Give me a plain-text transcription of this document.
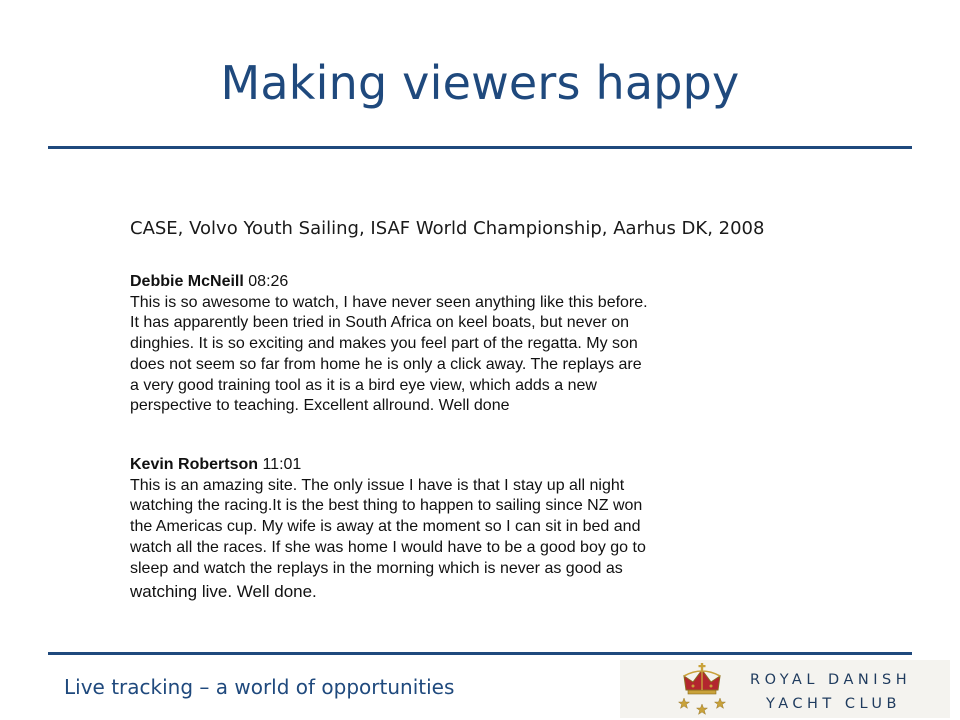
Making viewers happy
CASE, Volvo Youth Sailing, ISAF World Championship, Aarhus DK, 2008
Debbie McNeill 08:26
This is so awesome to watch, I have never seen anything like this before.
It has apparently been tried in South Africa on keel boats, but never on
dinghies. It is so exciting and makes you feel part of the regatta. My son
does not seem so far from home he is only a click away. The replays are
a very good training tool as it is a bird eye view, which adds a new
perspective to teaching. Excellent allround. Well done
Kevin Robertson 11:01
This is an amazing site. The only issue I have is that I stay up all night
watching the racing.It is the best thing to happen to sailing since NZ won
the Americas cup. My wife is away at the moment so I can sit in bed and
watch all the races. If she was home I would have to be a good boy go to
sleep and watch the replays in the morning which is never as good as
watching live. Well done.
Live tracking – a world of opportunities	ROYAL DANISH
YACHT CLUB
